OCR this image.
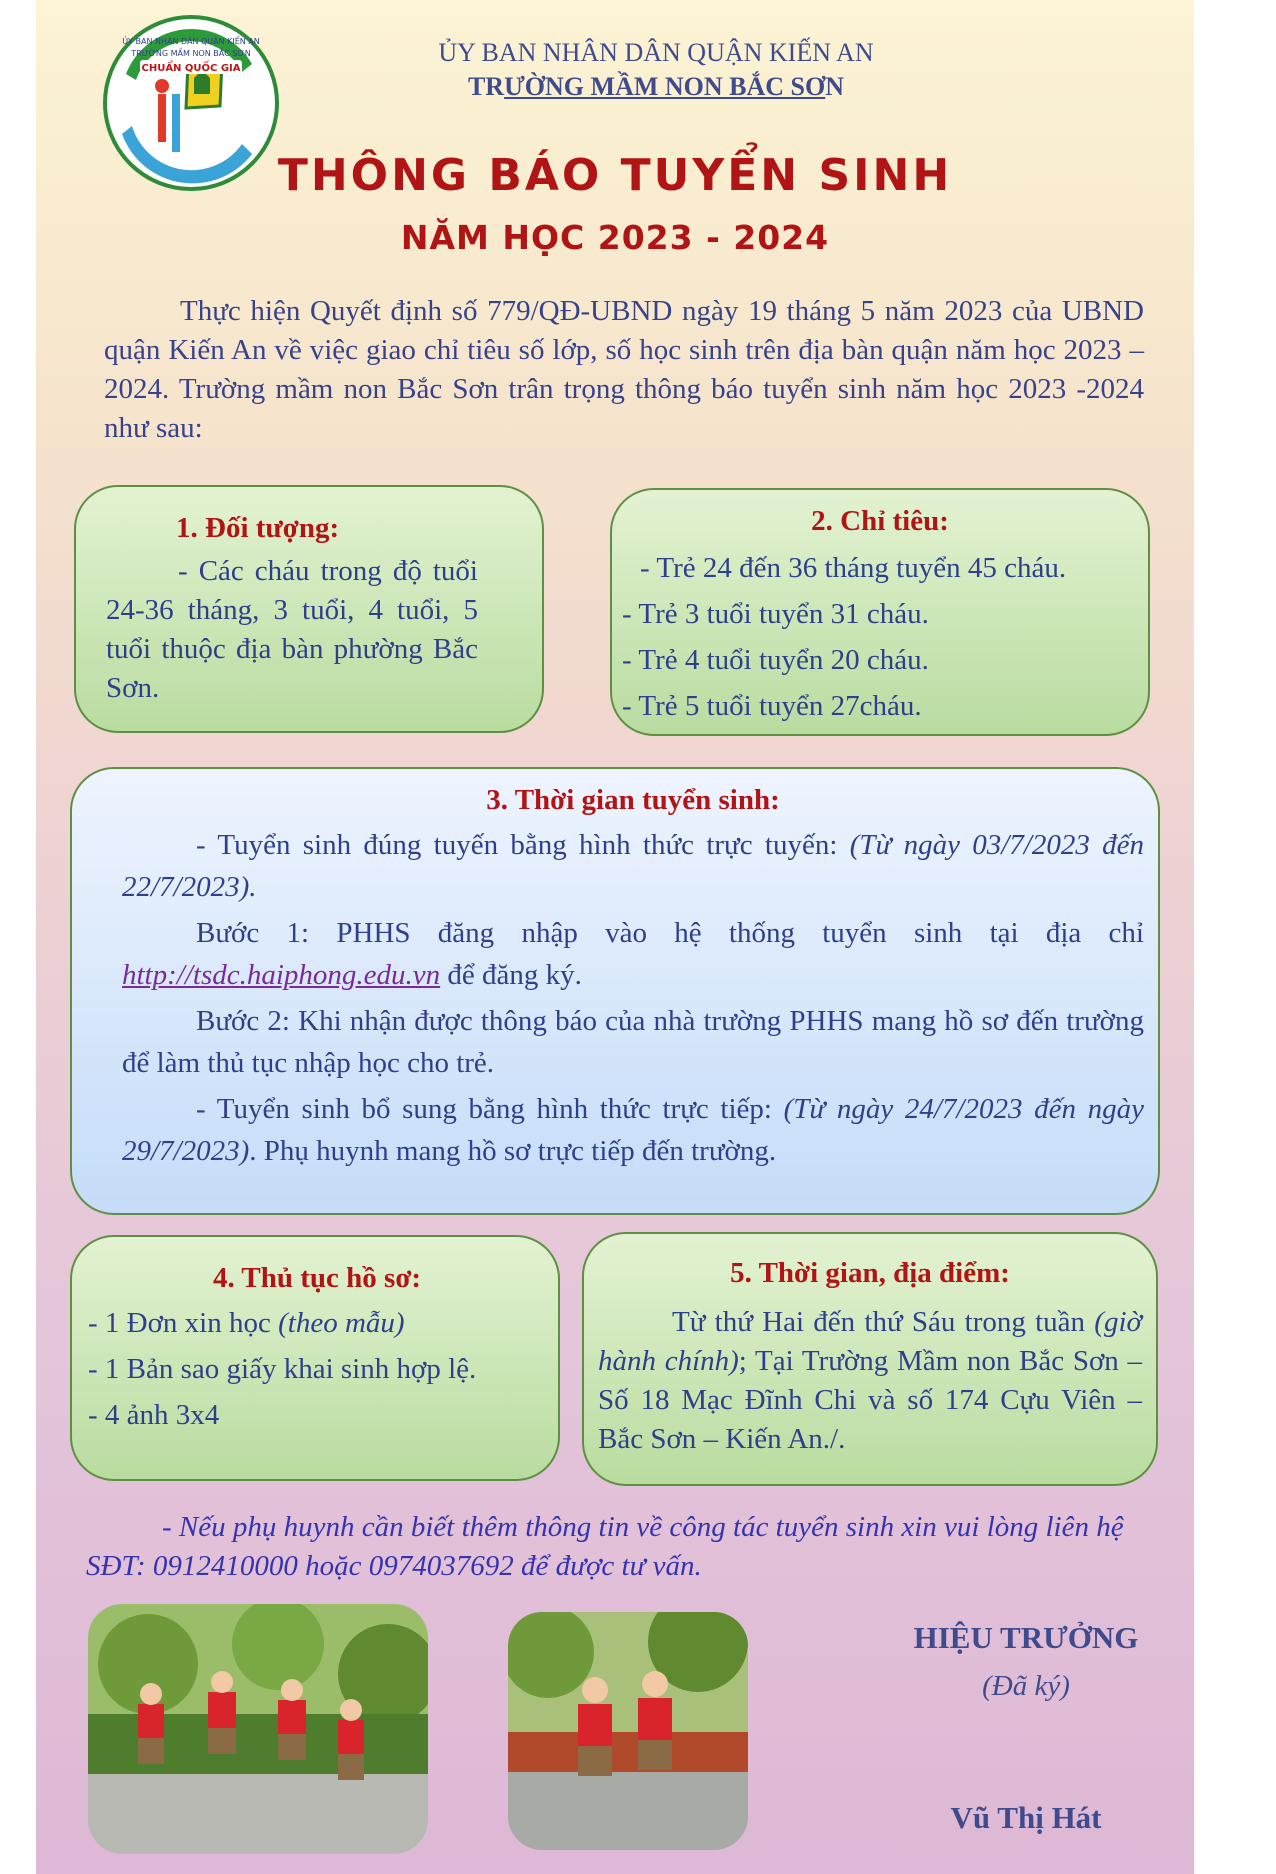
ỦY BAN NHÂN DÂN QUẬN KIẾN AN
TRƯỜNG MẦM NON BẮC SƠN
CHUẨN QUỐC GIA
ỦY BAN NHÂN DÂN QUẬN KIẾN AN
TRƯỜNG MẦM NON BẮC SƠN
THÔNG BÁO TUYỂN SINH
NĂM HỌC 2023 - 2024
Thực hiện Quyết định số 779/QĐ-UBND ngày 19 tháng 5 năm 2023 của UBND quận Kiến An về việc giao chỉ tiêu số lớp, số học sinh trên địa bàn quận năm học 2023 – 2024. Trường mầm non Bắc Sơn trân trọng thông báo tuyển sinh năm học 2023 -2024 như sau:
1. Đối tượng:
- Các cháu trong độ tuổi 24-36 tháng, 3 tuổi, 4 tuổi, 5 tuổi thuộc địa bàn phường Bắc Sơn.
2. Chỉ tiêu:
- Trẻ 24 đến 36 tháng tuyển 45 cháu.
- Trẻ 3 tuổi tuyển 31 cháu.
- Trẻ 4 tuổi tuyển 20 cháu.
- Trẻ 5 tuổi tuyển 27cháu.
3. Thời gian tuyển sinh:
- Tuyển sinh đúng tuyến bằng hình thức trực tuyến: (Từ ngày 03/7/2023 đến 22/7/2023).
Bước 1: PHHS đăng nhập vào hệ thống tuyển sinh tại địa chỉ http://tsdc.haiphong.edu.vn để đăng ký.
Bước 2: Khi nhận được thông báo của nhà trường PHHS mang hồ sơ đến trường để làm thủ tục nhập học cho trẻ.
- Tuyển sinh bổ sung bằng hình thức trực tiếp: (Từ ngày 24/7/2023 đến ngày 29/7/2023). Phụ huynh mang hồ sơ trực tiếp đến trường.
4. Thủ tục hồ sơ:
- 1 Đơn xin học (theo mẫu)
- 1 Bản sao giấy khai sinh hợp lệ.
- 4 ảnh 3x4
5. Thời gian, địa điểm:
Từ thứ Hai đến thứ Sáu trong tuần (giờ hành chính); Tại Trường Mầm non Bắc Sơn – Số 18 Mạc Đĩnh Chi và số 174 Cựu Viên – Bắc Sơn – Kiến An./.
- Nếu phụ huynh cần biết thêm thông tin về công tác tuyển sinh xin vui lòng liên hệ SĐT: 0912410000 hoặc 0974037692 để được tư vấn.
HIỆU TRƯỞNG
(Đã ký)
Vũ Thị Hát
